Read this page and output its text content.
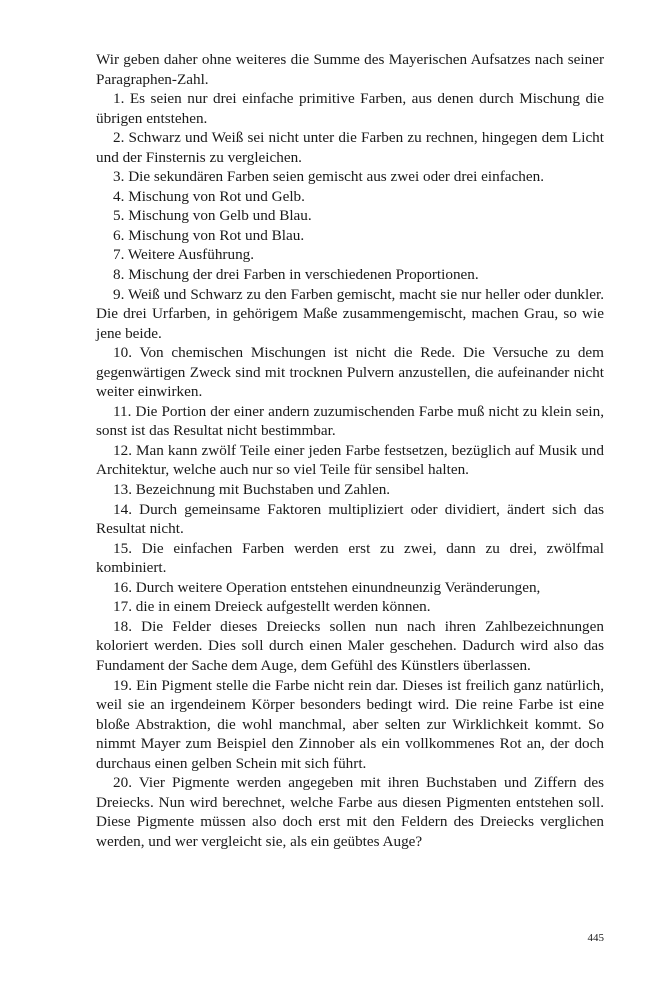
Wir geben daher ohne weiteres die Summe des Mayerischen Aufsatzes nach seiner Paragraphen-Zahl.

1. Es seien nur drei einfache primitive Farben, aus denen durch Mischung die übrigen entstehen.

2. Schwarz und Weiß sei nicht unter die Farben zu rechnen, hingegen dem Licht und der Finsternis zu vergleichen.

3. Die sekundären Farben seien gemischt aus zwei oder drei einfachen.

4. Mischung von Rot und Gelb.

5. Mischung von Gelb und Blau.

6. Mischung von Rot und Blau.

7. Weitere Ausführung.

8. Mischung der drei Farben in verschiedenen Proportionen.

9. Weiß und Schwarz zu den Farben gemischt, macht sie nur heller oder dunkler. Die drei Urfarben, in gehörigem Maße zusammengemischt, machen Grau, so wie jene beide.

10. Von chemischen Mischungen ist nicht die Rede. Die Versuche zu dem gegenwärtigen Zweck sind mit trocknen Pulvern anzustellen, die aufeinander nicht weiter einwirken.

11. Die Portion der einer andern zuzumischenden Farbe muß nicht zu klein sein, sonst ist das Resultat nicht bestimmbar.

12. Man kann zwölf Teile einer jeden Farbe festsetzen, bezüglich auf Musik und Architektur, welche auch nur so viel Teile für sensibel halten.

13. Bezeichnung mit Buchstaben und Zahlen.

14. Durch gemeinsame Faktoren multipliziert oder dividiert, ändert sich das Resultat nicht.

15. Die einfachen Farben werden erst zu zwei, dann zu drei, zwölfmal kombiniert.

16. Durch weitere Operation entstehen einundneunzig Veränderungen,

17. die in einem Dreieck aufgestellt werden können.

18. Die Felder dieses Dreiecks sollen nun nach ihren Zahlbezeichnungen koloriert werden. Dies soll durch einen Maler geschehen. Dadurch wird also das Fundament der Sache dem Auge, dem Gefühl des Künstlers überlassen.

19. Ein Pigment stelle die Farbe nicht rein dar. Dieses ist freilich ganz natürlich, weil sie an irgendeinem Körper besonders bedingt wird. Die reine Farbe ist eine bloße Abstraktion, die wohl manchmal, aber selten zur Wirklichkeit kommt. So nimmt Mayer zum Beispiel den Zinnober als ein vollkommenes Rot an, der doch durchaus einen gelben Schein mit sich führt.

20. Vier Pigmente werden angegeben mit ihren Buchstaben und Ziffern des Dreiecks. Nun wird berechnet, welche Farbe aus diesen Pigmenten entstehen soll. Diese Pigmente müssen also doch erst mit den Feldern des Dreiecks verglichen werden, und wer vergleicht sie, als ein geübtes Auge?

445
